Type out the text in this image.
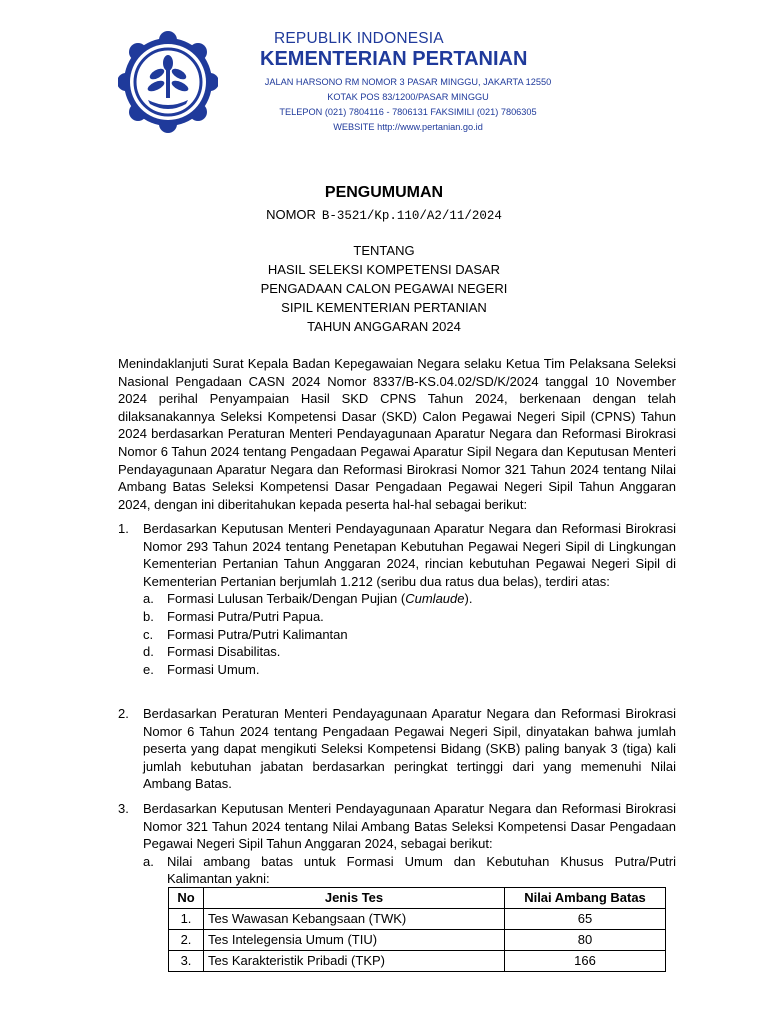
REPUBLIK INDONESIA
KEMENTERIAN PERTANIAN
JALAN HARSONO RM NOMOR 3 PASAR MINGGU, JAKARTA 12550
KOTAK POS 83/1200/PASAR MINGGU
TELEPON (021) 7804116 - 7806131 FAKSIMILI (021) 7806305
WEBSITE http://www.pertanian.go.id
PENGUMUMAN
NOMOR B-3521/Kp.110/A2/11/2024
TENTANG
HASIL SELEKSI KOMPETENSI DASAR
PENGADAAN CALON PEGAWAI NEGERI
SIPIL KEMENTERIAN PERTANIAN
TAHUN ANGGARAN 2024
Menindaklanjuti Surat Kepala Badan Kepegawaian Negara selaku Ketua Tim Pelaksana Seleksi Nasional Pengadaan CASN 2024 Nomor 8337/B-KS.04.02/SD/K/2024 tanggal 10 November 2024 perihal Penyampaian Hasil SKD CPNS Tahun 2024, berkenaan dengan telah dilaksanakannya Seleksi Kompetensi Dasar (SKD) Calon Pegawai Negeri Sipil (CPNS) Tahun 2024 berdasarkan Peraturan Menteri Pendayagunaan Aparatur Negara dan Reformasi Birokrasi Nomor 6 Tahun 2024 tentang Pengadaan Pegawai Aparatur Sipil Negara dan Keputusan Menteri Pendayagunaan Aparatur Negara dan Reformasi Birokrasi Nomor 321 Tahun 2024 tentang Nilai Ambang Batas Seleksi Kompetensi Dasar Pengadaan Pegawai Negeri Sipil Tahun Anggaran 2024, dengan ini diberitahukan kepada peserta hal-hal sebagai berikut:
1. Berdasarkan Keputusan Menteri Pendayagunaan Aparatur Negara dan Reformasi Birokrasi Nomor 293 Tahun 2024 tentang Penetapan Kebutuhan Pegawai Negeri Sipil di Lingkungan Kementerian Pertanian Tahun Anggaran 2024, rincian kebutuhan Pegawai Negeri Sipil di Kementerian Pertanian berjumlah 1.212 (seribu dua ratus dua belas), terdiri atas:
a. Formasi Lulusan Terbaik/Dengan Pujian (Cumlaude).
b. Formasi Putra/Putri Papua.
c. Formasi Putra/Putri Kalimantan
d. Formasi Disabilitas.
e. Formasi Umum.
2. Berdasarkan Peraturan Menteri Pendayagunaan Aparatur Negara dan Reformasi Birokrasi Nomor 6 Tahun 2024 tentang Pengadaan Pegawai Negeri Sipil, dinyatakan bahwa jumlah peserta yang dapat mengikuti Seleksi Kompetensi Bidang (SKB) paling banyak 3 (tiga) kali jumlah kebutuhan jabatan berdasarkan peringkat tertinggi dari yang memenuhi Nilai Ambang Batas.
3. Berdasarkan Keputusan Menteri Pendayagunaan Aparatur Negara dan Reformasi Birokrasi Nomor 321 Tahun 2024 tentang Nilai Ambang Batas Seleksi Kompetensi Dasar Pengadaan Pegawai Negeri Sipil Tahun Anggaran 2024, sebagai berikut:
a. Nilai ambang batas untuk Formasi Umum dan Kebutuhan Khusus Putra/Putri Kalimantan yakni:
No	Jenis Tes	Nilai Ambang Batas
1.	Tes Wawasan Kebangsaan (TWK)	65
2.	Tes Intelegensia Umum (TIU)	80
3.	Tes Karakteristik Pribadi (TKP)	166
